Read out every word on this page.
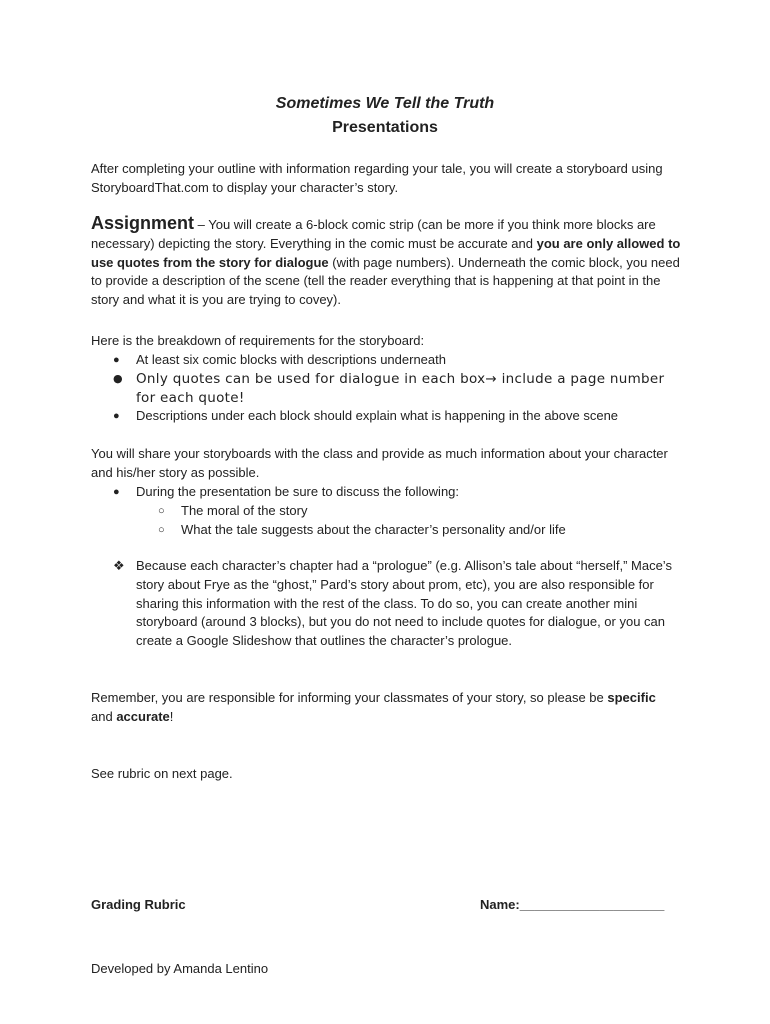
Sometimes We Tell the Truth
Presentations

After completing your outline with information regarding your tale, you will create a storyboard using StoryboardThat.com to display your character’s story.

Assignment – You will create a 6-block comic strip (can be more if you think more blocks are necessary) depicting the story. Everything in the comic must be accurate and you are only allowed to use quotes from the story for dialogue (with page numbers). Underneath the comic block, you need to provide a description of the scene (tell the reader everything that is happening at that point in the story and what it is you are trying to covey).

Here is the breakdown of requirements for the storyboard:

● At least six comic blocks with descriptions underneath
● Only quotes can be used for dialogue in each box→ include a page number for each quote!
● Descriptions under each block should explain what is happening in the above scene

You will share your storyboards with the class and provide as much information about your character and his/her story as possible.

● During the presentation be sure to discuss the following:
○ The moral of the story
○ What the tale suggests about the character’s personality and/or life
❖ Because each character’s chapter had a “prologue” (e.g. Allison’s tale about “herself,” Mace’s story about Frye as the “ghost,” Pard’s story about prom, etc), you are also responsible for sharing this information with the rest of the class. To do so, you can create another mini storyboard (around 3 blocks), but you do not need to include quotes for dialogue, or you can create a Google Slideshow that outlines the character’s prologue.

Remember, you are responsible for informing your classmates of your story, so please be specific and accurate!

See rubric on next page.

Grading Rubric	Name:____________________
Developed by Amanda Lentino
